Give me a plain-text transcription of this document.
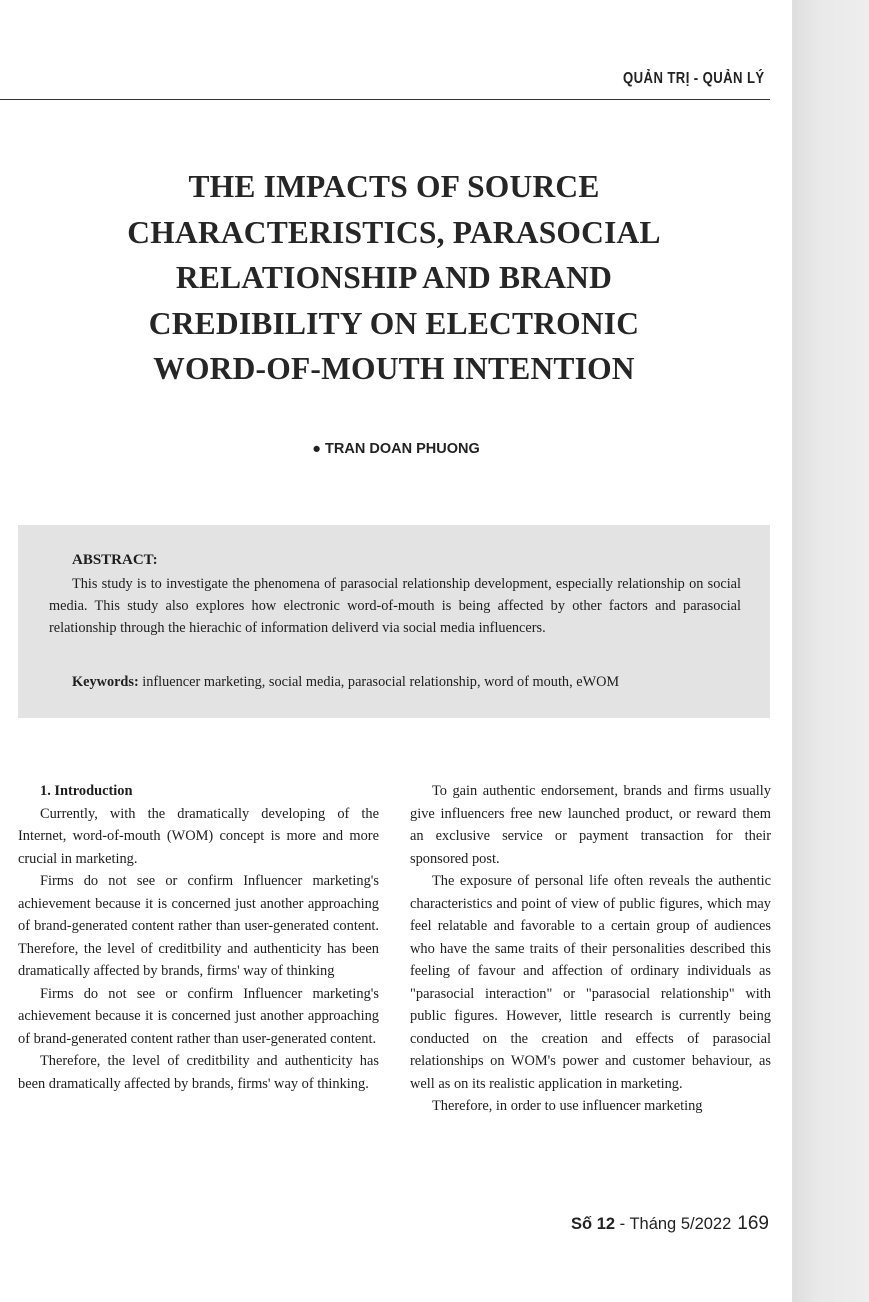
QUẢN TRỊ - QUẢN LÝ
THE IMPACTS OF SOURCE
CHARACTERISTICS, PARASOCIAL
RELATIONSHIP AND BRAND
CREDIBILITY ON ELECTRONIC
WORD-OF-MOUTH INTENTION
● TRAN DOAN PHUONG
ABSTRACT:

This study is to investigate the phenomena of parasocial relationship development, especially relationship on social media. This study also explores how electronic word-of-mouth is being affected by other factors and parasocial relationship through the hierachic of information deliverd via social media influencers.

Keywords: influencer marketing, social media, parasocial relationship, word of mouth, eWOM

1. Introduction

Currently, with the dramatically developing of the Internet, word-of-mouth (WOM) concept is more and more crucial in marketing.

Firms do not see or confirm Influencer marketing's achievement because it is concerned just another approaching of brand-generated content rather than user-generated content. Therefore, the level of creditbility and authenticity has been dramatically affected by brands, firms' way of thinking

Firms do not see or confirm Influencer marketing's achievement because it is concerned just another approaching of brand-generated content rather than user-generated content.

Therefore, the level of creditbility and authenticity has been dramatically affected by brands, firms' way of thinking.

To gain authentic endorsement, brands and firms usually give influencers free new launched product, or reward them an exclusive service or payment transaction for their sponsored post.

The exposure of personal life often reveals the authentic characteristics and point of view of public figures, which may feel relatable and favorable to a certain group of audiences who have the same traits of their personalities described this feeling of favour and affection of ordinary individuals as "parasocial interaction" or "parasocial relationship" with public figures. However, little research is currently being conducted on the creation and effects of parasocial relationships on WOM's power and customer behaviour, as well as on its realistic application in marketing.

Therefore, in order to use influencer marketing

Số 12 - Tháng 5/2022 169
